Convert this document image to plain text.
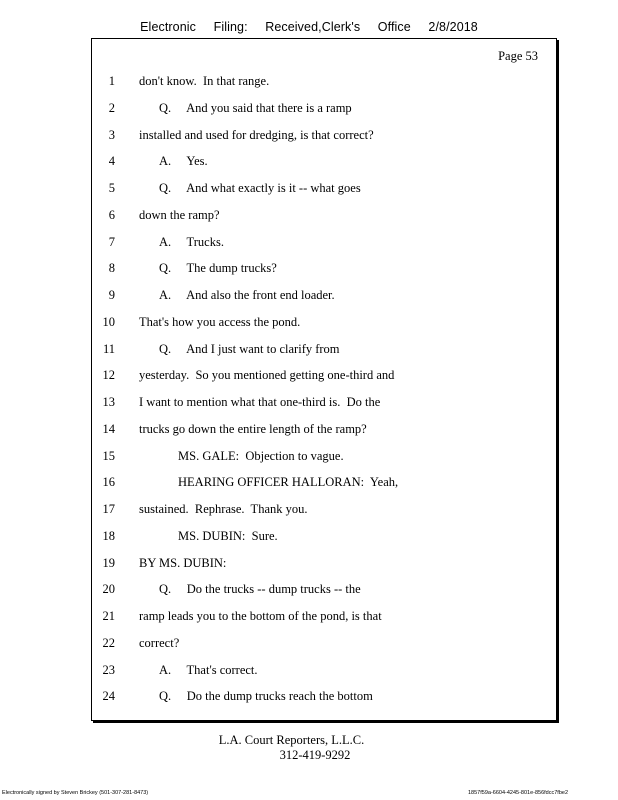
Electronic Filing: Received,Clerk's Office 2/8/2018
Page 53
1 don't know.  In that range.
2	Q.     And you said that there is a ramp
3 installed and used for dredging, is that correct?
4	A.     Yes.
5	Q.     And what exactly is it -- what goes
6 down the ramp?
7	A.     Trucks.
8	Q.     The dump trucks?
9	A.     And also the front end loader.
10 That's how you access the pond.
11	Q.     And I just want to clarify from
12 yesterday.  So you mentioned getting one-third and
13 I want to mention what that one-third is.  Do the
14 trucks go down the entire length of the ramp?
15	MS. GALE:  Objection to vague.
16	HEARING OFFICER HALLORAN:  Yeah,
17 sustained.  Rephrase.  Thank you.
18	MS. DUBIN:  Sure.
19 BY MS. DUBIN:
20	Q.     Do the trucks -- dump trucks -- the
21 ramp leads you to the bottom of the pond, is that
22 correct?
23	A.     That's correct.
24	Q.     Do the dump trucks reach the bottom
L.A. Court Reporters, L.L.C.
312-419-9292
Electronically signed by Steven Brickey (501-307-281-8473)	1857f59a-6604-4245-801e-856fdcc7fbe2
